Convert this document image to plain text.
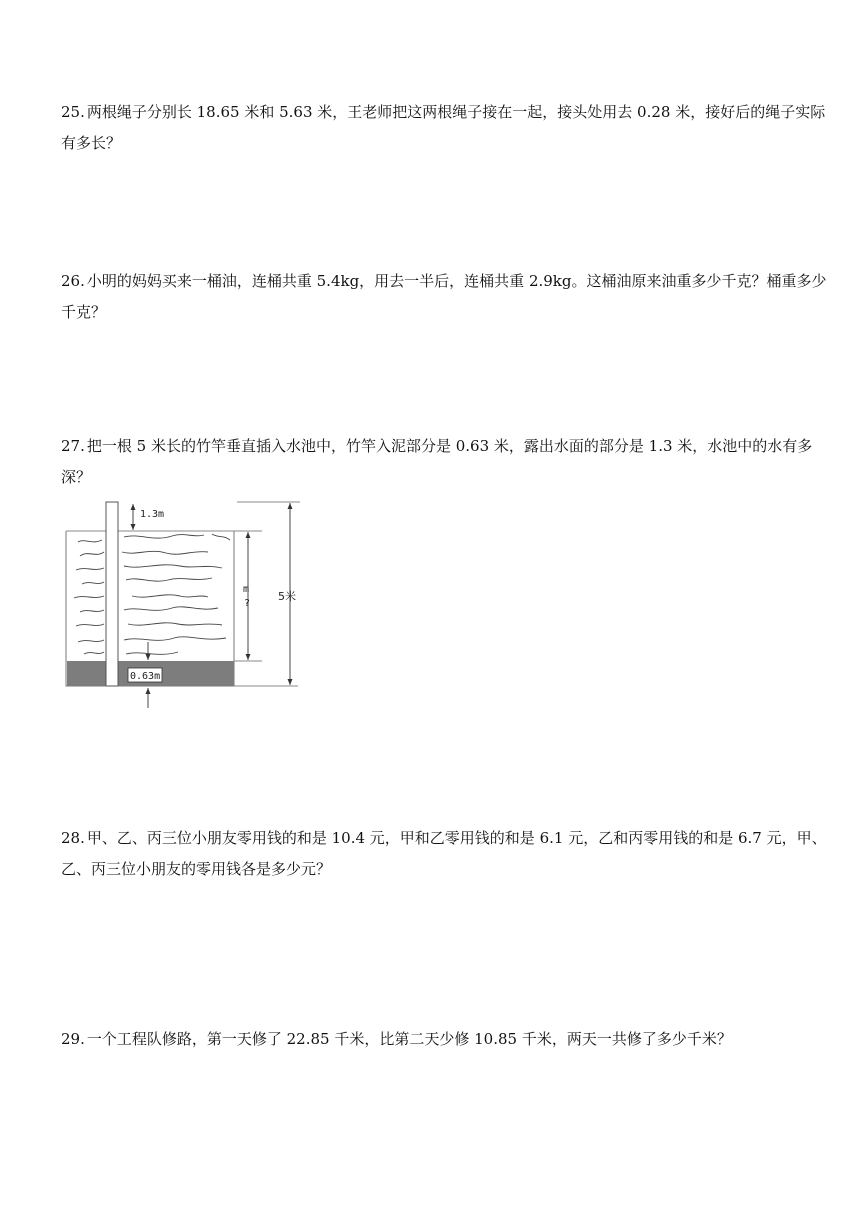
25. 两根绳子分别长 18.65 米和 5.63 米，王老师把这两根绳子接在一起，接头处用去 0.28 米，接好后的绳子实际有多长？

26. 小明的妈妈买来一桶油，连桶共重 5.4kg，用去一半后，连桶共重 2.9kg。这桶油原来油重多少千克？桶重多少千克？

27. 把一根 5 米长的竹竿垂直插入水池中，竹竿入泥部分是 0.63 米，露出水面的部分是 1.3 米，水池中的水有多深？

1.3m
m
?
5米
0.63m

28. 甲、乙、丙三位小朋友零用钱的和是 10.4 元，甲和乙零用钱的和是 6.1 元，乙和丙零用钱的和是 6.7 元，甲、乙、丙三位小朋友的零用钱各是多少元？

29. 一个工程队修路，第一天修了 22.85 千米，比第二天少修 10.85 千米，两天一共修了多少千米？
